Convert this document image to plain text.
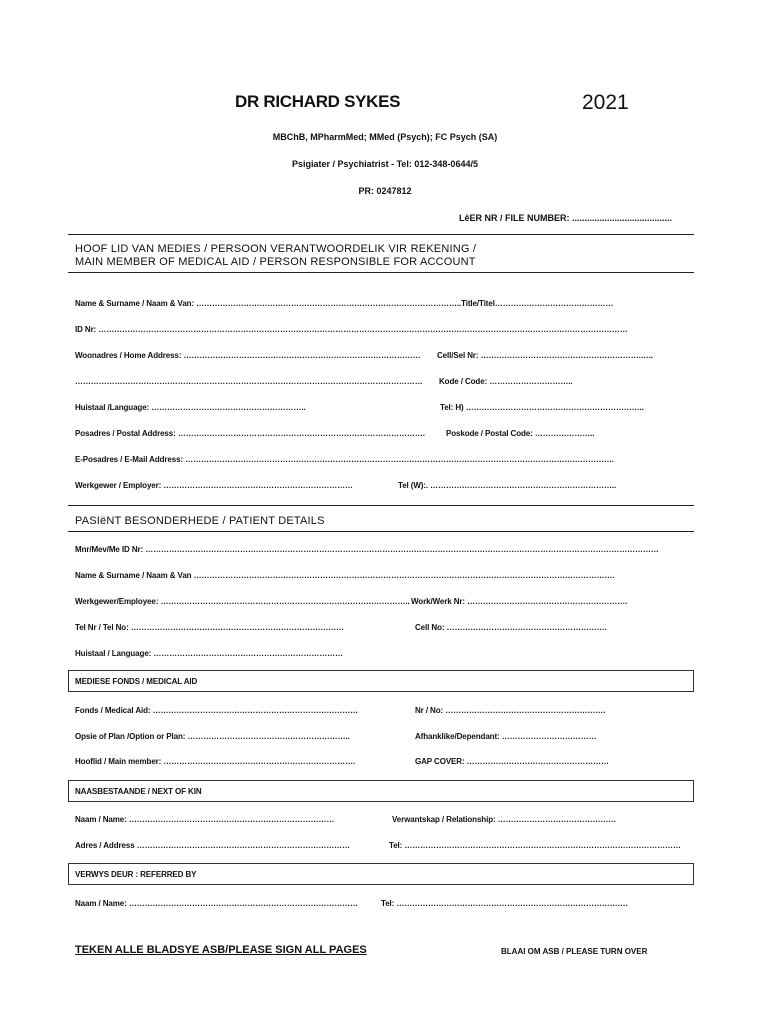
DR RICHARD SYKES	2021
MBChB, MPharmMed; MMed (Psych); FC Psych (SA)
Psigiater / Psychiatrist - Tel: 012-348-0644/5
PR: 0247812
LêER NR / FILE NUMBER: ........................................
HOOF LID VAN MEDIES / PERSOON VERANTWOORDELIK VIR REKENING /
MAIN MEMBER OF MEDICAL AID / PERSON RESPONSIBLE FOR ACCOUNT
Name & Surname / Naam & Van: ………………………………………………………………………………………..Title/Titel………………………………………
ID Nr: …………………………………………………………………………………………………………………………………………………………………………………
Woonadres / Home Address: ……………………………………………………………………………… Cell/Sel Nr: …………………………………………………….…..
…………………………………………………………………………………………………………………… Kode / Code: …………………………..
Huistaal /Language: …………………………………………………..	Tel: H) …………………………………………………………..
Posadres / Postal Address: ………………………………………………………………………………….	Poskode / Postal Code: …………………..
E-Posadres / E-Mail Address: ……………………………………………………………………………………………………………………………………………….
Werkgewer / Employer: ………………………………………………………………	Tel (W):. ……………………………………………………………..
PASIëNT BESONDERHEDE / PATIENT DETAILS
Mnr/Mev/Me ID Nr: ……………………………………………………………………………………………………………………………………………………………………………
Name & Surname / Naam & Van …………………………………………………………………………………………………………………………………………….
Werkgewer/Employee: ………………………………………………………………………………….. Work/Werk Nr: …………………………………………………….
Tel Nr / Tel No: ………………………………………………………………………	Cell No: …………………………………………………….
Huistaal / Language: ………………………………………………………………
MEDIESE FONDS / MEDICAL AID
Fonds / Medical Aid: ……………………………………………………………………	Nr / No: …………………………………………………….
Opsie of Plan /Option or Plan: ……………………………………………………..	Afhanklike/Dependant: ………………………………
Hooflid / Main member: ……………………………………………………………….	GAP COVER: ………………………………………………
NAASBESTAANDE / NEXT OF KIN
Naam / Name: ……………………………………………………………………	Verwantskap / Relationship: ………………………………………
Adres / Address ………………………………………………………………………	Tel: ……………………………………………………………………………………………
VERWYS DEUR : REFERRED BY
Naam / Name: ……………………………………………………………………………	Tel: …………………………………………………………………………….
TEKEN ALLE BLADSYE ASB/PLEASE SIGN ALL PAGES	BLAAI OM ASB / PLEASE TURN OVER
